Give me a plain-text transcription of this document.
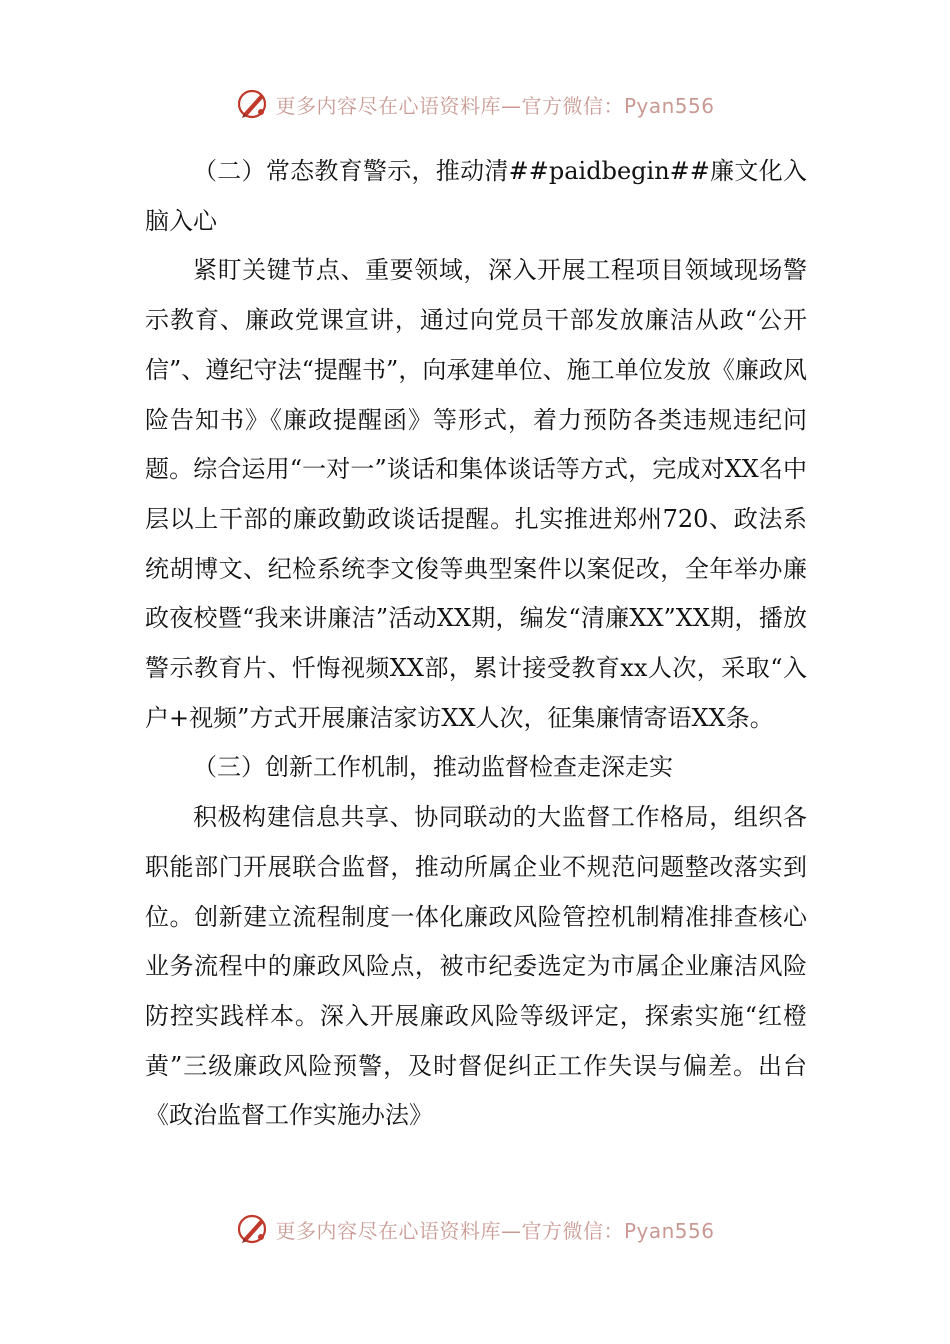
更多内容尽在心语资料库—官方微信：Pyan556

（二）常态教育警示，推动清##paidbegin##廉文化入脑入心

紧盯关键节点、重要领域，深入开展工程项目领域现场警示教育、廉政党课宣讲，通过向党员干部发放廉洁从政“公开信”、遵纪守法“提醒书”，向承建单位、施工单位发放《廉政风险告知书》《廉政提醒函》等形式，着力预防各类违规违纪问题。综合运用“一对一”谈话和集体谈话等方式，完成对XX名中层以上干部的廉政勤政谈话提醒。扎实推进郑州720、政法系统胡博文、纪检系统李文俊等典型案件以案促改，全年举办廉政夜校暨“我来讲廉洁”活动XX期，编发“清廉XX”XX期，播放警示教育片、忏悔视频XX部，累计接受教育xx人次，采取“入户+视频”方式开展廉洁家访XX人次，征集廉情寄语XX条。

（三）创新工作机制，推动监督检查走深走实

积极构建信息共享、协同联动的大监督工作格局，组织各职能部门开展联合监督，推动所属企业不规范问题整改落实到位。创新建立流程制度一体化廉政风险管控机制精准排查核心业务流程中的廉政风险点，被市纪委选定为市属企业廉洁风险防控实践样本。深入开展廉政风险等级评定，探索实施“红橙黄”三级廉政风险预警，及时督促纠正工作失误与偏差。出台《政治监督工作实施办法》

更多内容尽在心语资料库—官方微信：Pyan556
